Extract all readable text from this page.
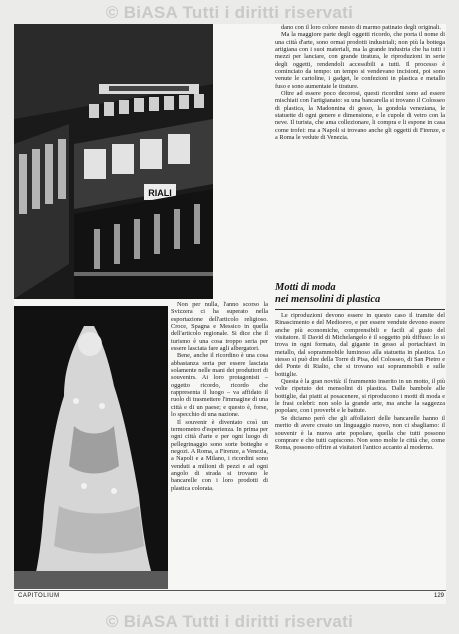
© BiASA Tutti i diritti riservati
RIALI

dano con il loro colore mesto di marmo patinato degli originali.

Ma la maggiore parte degli oggetti ricordo, che porta il nome di una città d'arte, sono ormai prodotti industriali; non più la bottega artigiana con i suoi materiali, ma la grande industria che ha tutti i mezzi per lanciare, con grande tiratura, le riproduzioni in serie degli oggetti, rendendoli accessibili a tutti. Il processo è cominciato da tempo: un tempo si vendevano incisioni, poi sono venute le cartoline, i gadget, le confezioni in plastica e metallo fuso e sono aumentate le tirature.

Oltre ad essere poco decorosi, questi ricordini sono ad essere mischiati con l'artigianato: su una bancarella si trovano il Colosseo di plastica, la Madonnina di gesso, la gondola veneziana, le statuette di ogni genere e dimensione, e le cupole di vetro con la neve. Il turista, che ama collezionare, li compra e li espone in casa come trofei: ma a Napoli si trovano anche gli oggetti di Firenze, e a Roma le vedute di Venezia.

Motti di moda
nei mensolini di plastica

Non per nulla, l'anno scorso la Svizzera ci ha superato nella esportazione dell'articolo religioso. Croce, Spagna e Messico in quella dell'articolo regionale. Si dice che il turismo è una cosa troppo seria per essere lasciata fare agli albergatori.

Bene, anche il ricordino è una cosa abbastanza seria per essere lasciata solamente nelle mani dei produttori di souvenirs. Ai loro protagonisti – oggetto ricordo, ricordo che rappresenta il luogo – va affidato il ruolo di trasmettere l'immagine di una città e di un paese; e questo è, forse, lo specchio di una nazione.

Il souvenir è diventato così un termometro d'esperienza. In prima per ogni città d'arte e per ogni luogo di pellegrinaggio sono sorte botteghe e negozi. A Roma, a Firenze, a Venezia, a Napoli e a Milano, i ricordini sono venduti a milioni di pezzi e ad ogni angolo di strada si trovano le bancarelle con i loro prodotti di plastica colorata.

Le riproduzioni devono essere in questo caso il tramite del Rinascimento e del Medioevo, e per essere vendute devono essere anche più economiche, comprensibili e facili al gusto del visitatore. Il David di Michelangelo è il soggetto più diffuso: lo si trova in ogni formato, dal gigante in gesso al portachiavi in metallo, dal soprammobile luminoso alla statuetta in plastica. Lo stesso si può dire della Torre di Pisa, del Colosseo, di San Pietro e del Ponte di Rialto, che si trovano sui soprammobili e sulle bottiglie.

Questa è la gran novità: il frammento inserito in un motto, il più volte ripetuto dei mensolini di plastica. Dalle bambole alle bottiglie, dai piatti ai posacenere, si riproducono i motti di moda e le frasi celebri: non solo la grande arte, ma anche la saggezza popolare, con i proverbi e le battute.

Se diciamo però che gli affollatori delle bancarelle hanno il merito di avere creato un linguaggio nuovo, non ci sbagliamo: il souvenir è la nuova arte popolare, quella che tutti possono comprare e che tutti capiscono. Non sono molte le città che, come Roma, possono offrire ai visitatori l'antico accanto al moderno.

CAPITOLIUM	129
© BiASA Tutti i diritti riservati
